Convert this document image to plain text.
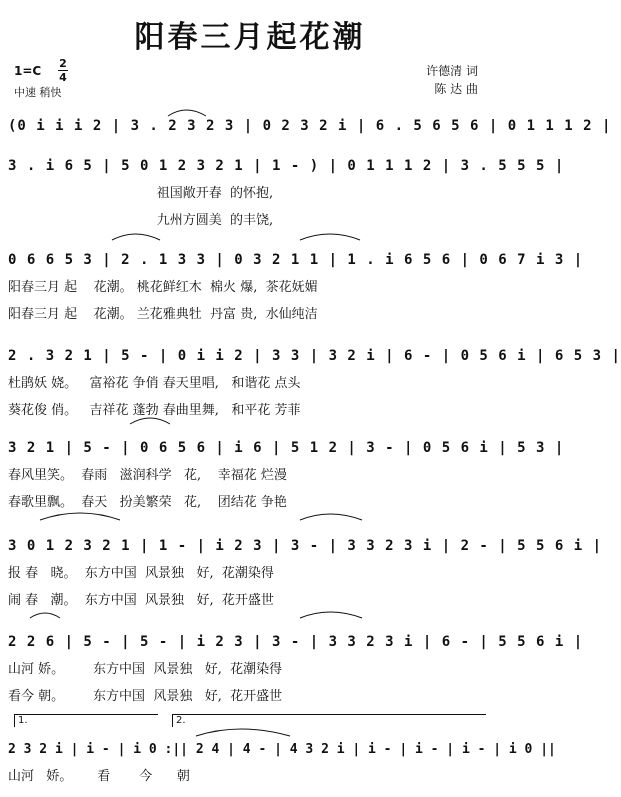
阳春三月起花潮
1=C
2
4
中速 稍快
许德清 词
陈 达 曲
(0 i i i 2 | 3 . 2 3 2 3 | 0 2 3 2 i | 6 . 5 6 5 6 | 0 1 1 1 2 |
3 . i 6 5 | 5 0 1 2 3 2 1 | 1 - ) | 0 1 1 1 2 | 3 . 5 5 5 |
祖国敞开春  的怀抱,
九州方圆美  的丰饶,
0 6 6 5 3 | 2 . 1 3 3 | 0 3 2 1 1 | 1 . i 6 5 6 | 0 6 7 i 3 |
阳春三月 起    花潮。 桃花鲜红木  棉火 爆,  茶花妩媚
阳春三月 起    花潮。 兰花雅典牡  丹富 贵,  水仙纯洁
2 . 3 2 1 | 5 - | 0 i i 2 | 3 3 | 3 2 i | 6 - | 0 5 6 i | 6 5 3 |
杜鹃妖 娆。   富裕花 争俏 春天里唱,   和谐花 点头
葵花俊 俏。   吉祥花 蓬勃 春曲里舞,   和平花 芳菲
3 2 1 | 5 - | 0 6 5 6 | i 6 | 5 1 2 | 3 - | 0 5 6 i | 5 3 |
春风里笑。  春雨   滋润科学   花,    幸福花 烂漫
春歌里飘。  春天   扮美繁荣   花,    团结花 争艳
3 0 1 2 3 2 1 | 1 - | i 2 3 | 3 - | 3 3 2 3 i | 2 - | 5 5 6 i |
报 春   晓。  东方中国  风景独   好,  花潮染得
闹 春   潮。  东方中国  风景独   好,  花开盛世
2 2 6 | 5 - | 5 - | i 2 3 | 3 - | 3 3 2 3 i | 6 - | 5 5 6 i |
山河 娇。       东方中国  风景独   好,  花潮染得
看今 朝。       东方中国  风景独   好,  花开盛世
1.	2.
2 3 2 i | i - | i 0 :|| 2 4 | 4 - | 4 3 2 i | i - | i - | i - | i 0 ||
山河   娇。      看       今      朝
